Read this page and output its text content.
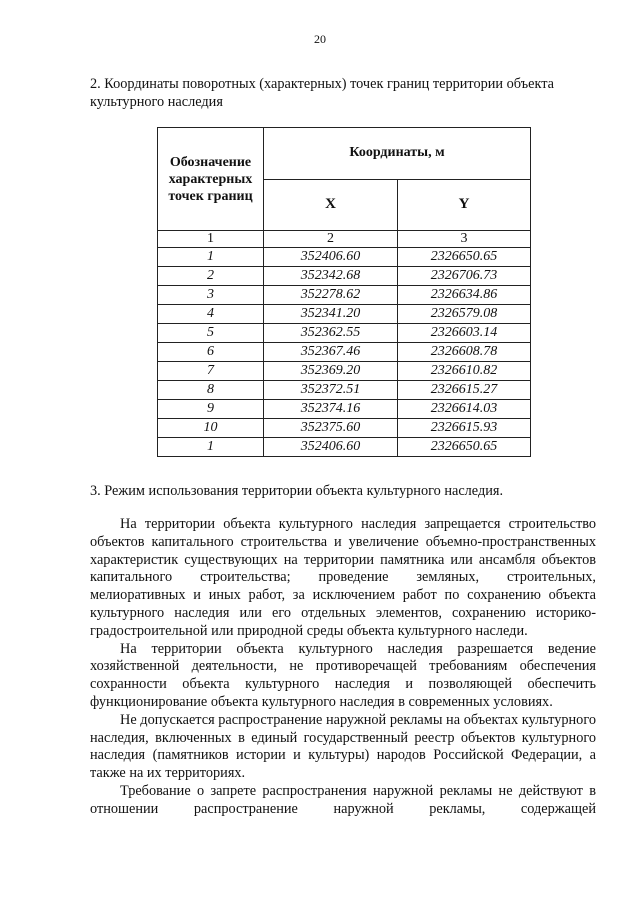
20
2. Координаты поворотных (характерных) точек границ территории объекта культурного наследия
Обозначение характерных точек границ	Координаты, м	
	X	Y
1	2	3
1	352406.60	2326650.65
2	352342.68	2326706.73
3	352278.62	2326634.86
4	352341.20	2326579.08
5	352362.55	2326603.14
6	352367.46	2326608.78
7	352369.20	2326610.82
8	352372.51	2326615.27
9	352374.16	2326614.03
10	352375.60	2326615.93
1	352406.60	2326650.65
3. Режим использования территории объекта культурного наследия.

На территории объекта культурного наследия запрещается строительство объектов капитального строительства и увеличение объемно-пространственных характеристик существующих на территории памятника или ансамбля объектов капитального строительства; проведение земляных, строительных, мелиоративных и иных работ, за исключением работ по сохранению объекта культурного наследия или его отдельных элементов, сохранению историко-градостроительной или природной среды объекта культурного наследи.

На территории объекта культурного наследия разрешается ведение хозяйственной деятельности, не противоречащей требованиям обеспечения сохранности объекта культурного наследия и позволяющей обеспечить функционирование объекта культурного наследия в современных условиях.

Не допускается распространение наружной рекламы на объектах культурного наследия, включенных в единый государственный реестр объектов культурного наследия (памятников истории и культуры) народов Российской Федерации, а также на их территориях.

Требование о запрете распространения наружной рекламы не действуют в отношении распространение наружной рекламы, содержащей
